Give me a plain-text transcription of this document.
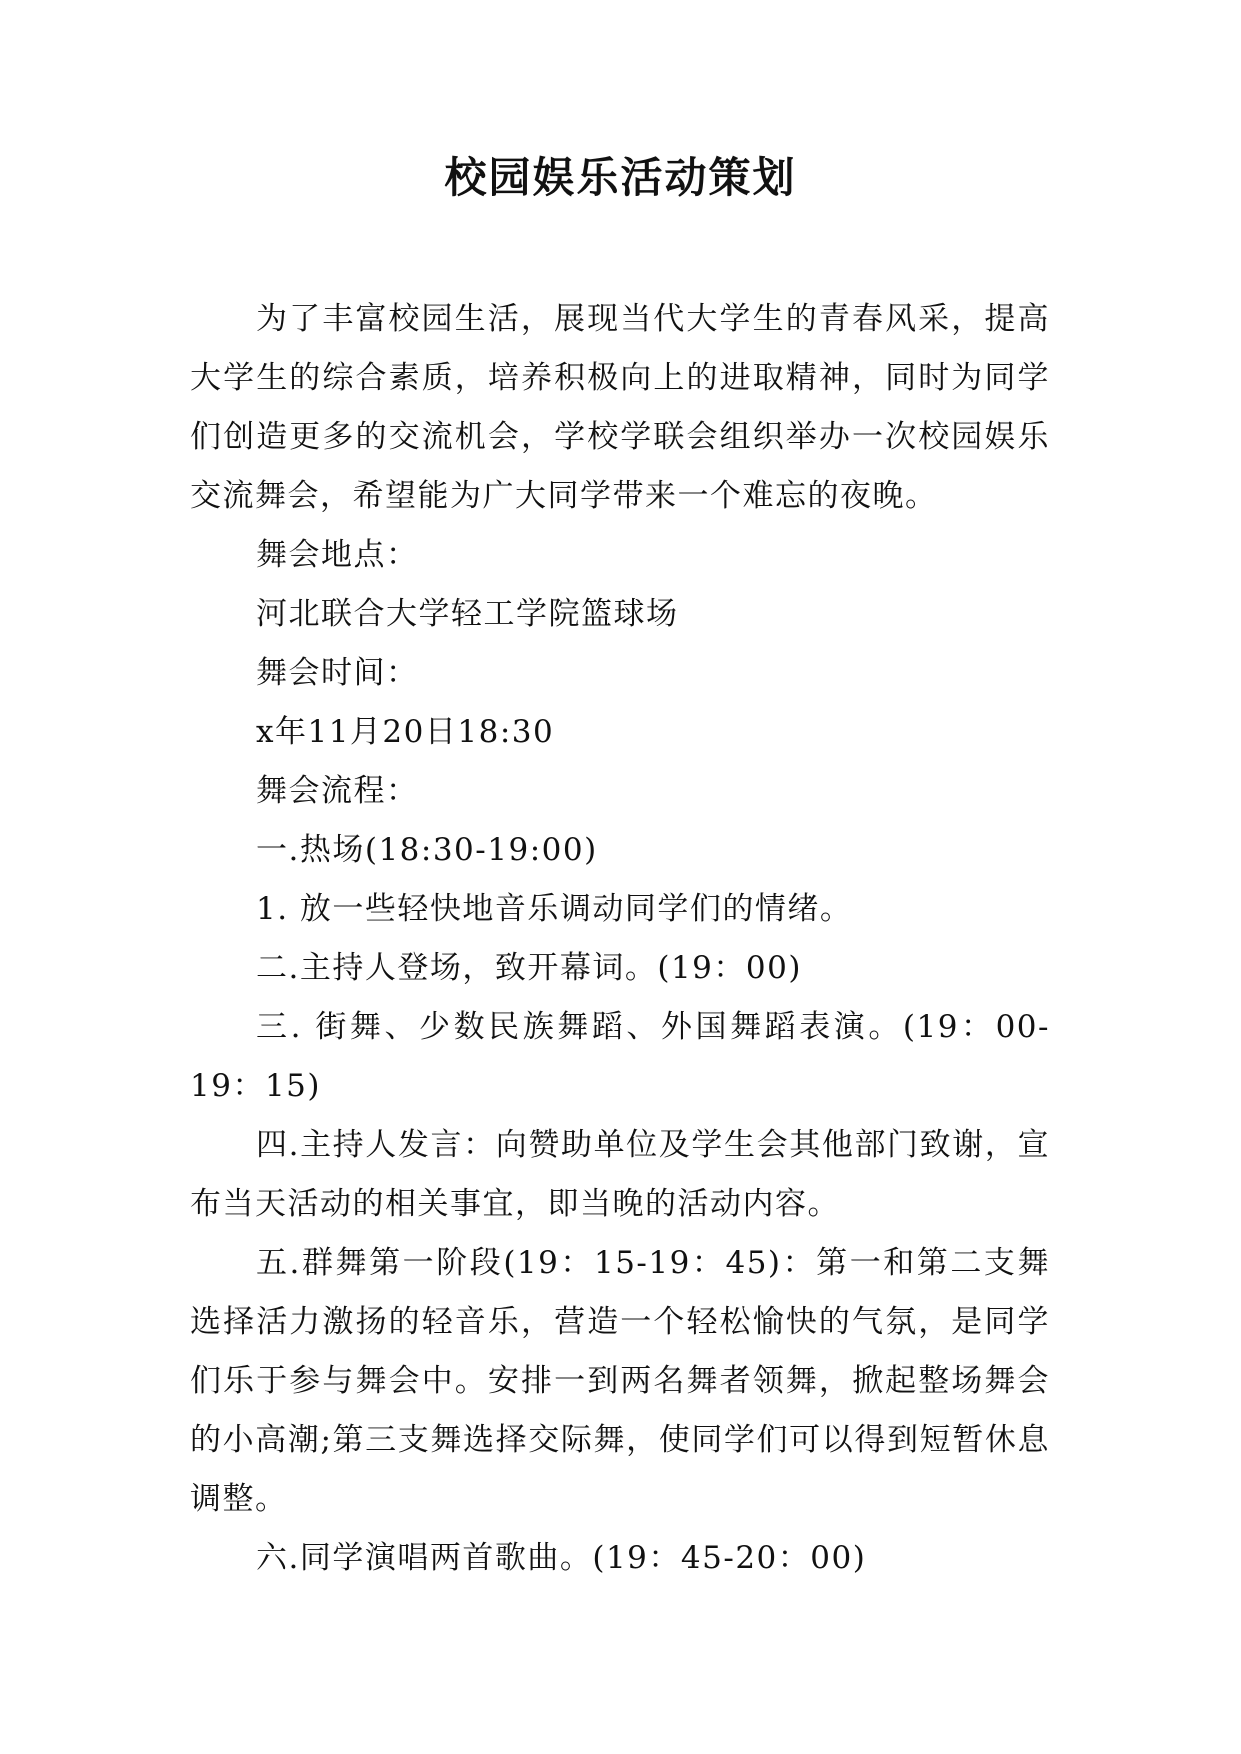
校园娱乐活动策划

为了丰富校园生活，展现当代大学生的青春风采，提高大学生的综合素质，培养积极向上的进取精神，同时为同学们创造更多的交流机会，学校学联会组织举办一次校园娱乐交流舞会，希望能为广大同学带来一个难忘的夜晚。

舞会地点：

河北联合大学轻工学院篮球场

舞会时间：

x年11月20日18:30

舞会流程：

一.热场(18:30-19:00)

1. 放一些轻快地音乐调动同学们的情绪。

二.主持人登场，致开幕词。(19：00)

三. 街舞、少数民族舞蹈、外国舞蹈表演。(19：00-19：15)

四.主持人发言：向赞助单位及学生会其他部门致谢，宣布当天活动的相关事宜，即当晚的活动内容。

五.群舞第一阶段(19：15-19：45)：第一和第二支舞选择活力激扬的轻音乐，营造一个轻松愉快的气氛，是同学们乐于参与舞会中。安排一到两名舞者领舞，掀起整场舞会的小高潮;第三支舞选择交际舞，使同学们可以得到短暂休息调整。

六.同学演唱两首歌曲。(19：45-20：00)
